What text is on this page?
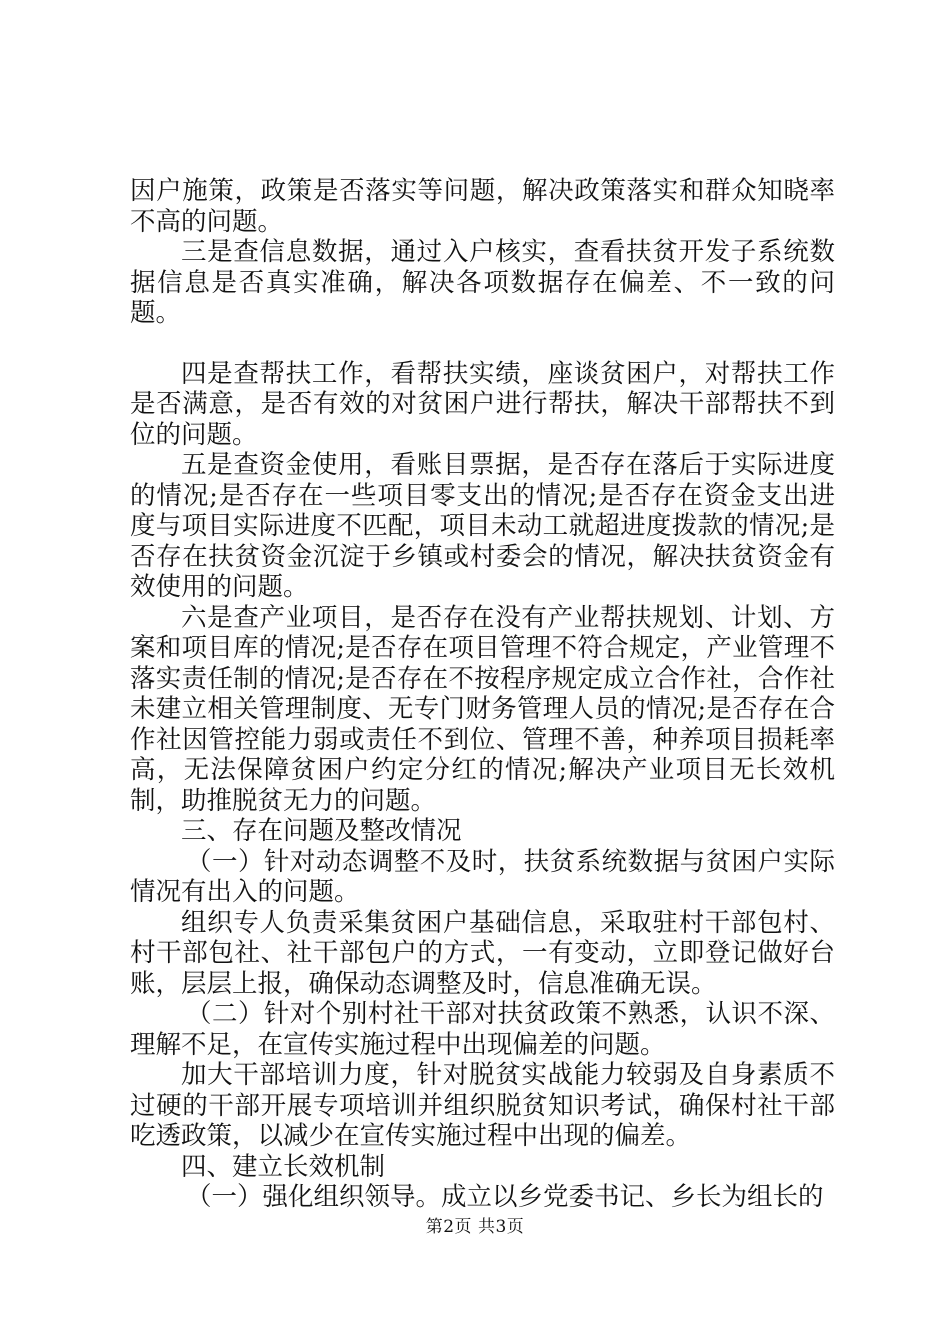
因户施策，政策是否落实等问题，解决政策落实和群众知晓率不高的问题。

三是查信息数据，通过入户核实，查看扶贫开发子系统数据信息是否真实准确，解决各项数据存在偏差、不一致的问题。

四是查帮扶工作，看帮扶实绩，座谈贫困户，对帮扶工作是否满意，是否有效的对贫困户进行帮扶，解决干部帮扶不到位的问题。

五是查资金使用，看账目票据，是否存在落后于实际进度的情况;是否存在一些项目零支出的情况;是否存在资金支出进度与项目实际进度不匹配，项目未动工就超进度拨款的情况;是否存在扶贫资金沉淀于乡镇或村委会的情况，解决扶贫资金有效使用的问题。

六是查产业项目，是否存在没有产业帮扶规划、计划、方案和项目库的情况;是否存在项目管理不符合规定，产业管理不落实责任制的情况;是否存在不按程序规定成立合作社，合作社未建立相关管理制度、无专门财务管理人员的情况;是否存在合作社因管控能力弱或责任不到位、管理不善，种养项目损耗率高，无法保障贫困户约定分红的情况;解决产业项目无长效机制，助推脱贫无力的问题。

三、存在问题及整改情况

（一）针对动态调整不及时，扶贫系统数据与贫困户实际情况有出入的问题。

组织专人负责采集贫困户基础信息，采取驻村干部包村、村干部包社、社干部包户的方式，一有变动，立即登记做好台账，层层上报，确保动态调整及时，信息准确无误。

（二）针对个别村社干部对扶贫政策不熟悉，认识不深、理解不足，在宣传实施过程中出现偏差的问题。

加大干部培训力度，针对脱贫实战能力较弱及自身素质不过硬的干部开展专项培训并组织脱贫知识考试，确保村社干部吃透政策，以减少在宣传实施过程中出现的偏差。

四、建立长效机制

（一）强化组织领导。成立以乡党委书记、乡长为组长的

第2页 共3页
